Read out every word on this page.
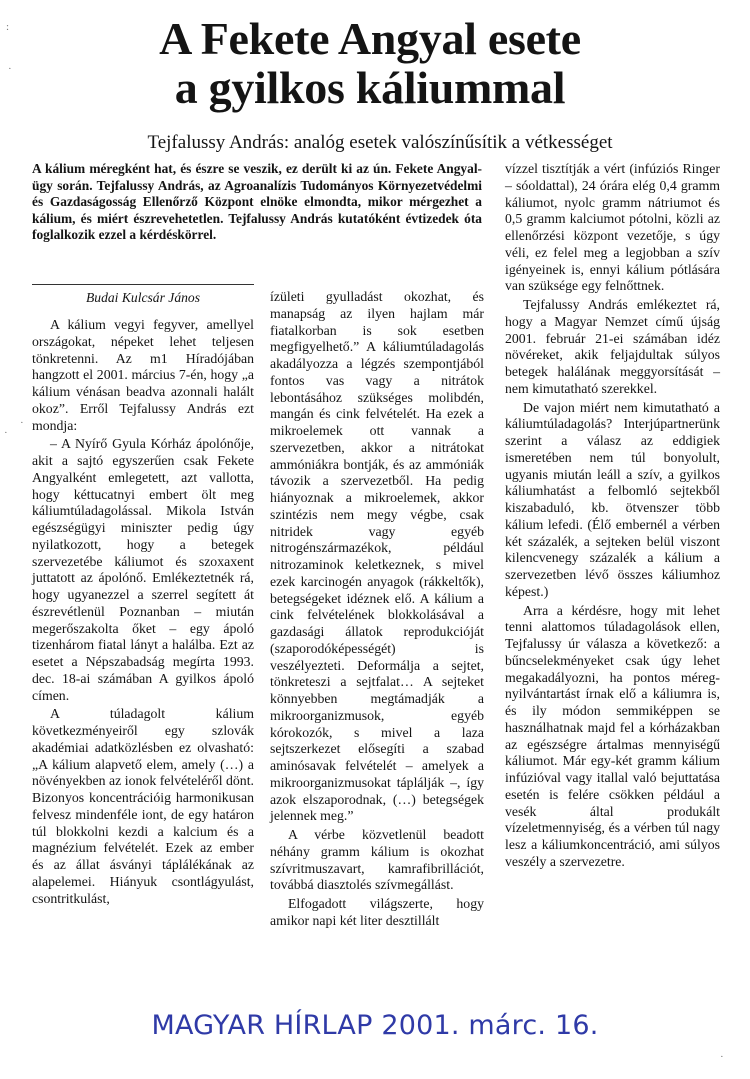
:
·
·
·
·
A Fekete Angyal esete
a gyilkos káliummal
Tejfalussy András: analóg esetek valószínűsítik a vétkességet
A kálium méregként hat, és észre se veszik, ez derült ki az ún. Fekete Angyal-ügy során. Tejfalussy András, az Agroanalízis Tudományos Környezetvédelmi és Gazdaságosság Ellenőrző Központ elnöke elmondta, mikor mérgezhet a kálium, és miért észrevehetetlen. Tejfalussy András kutatóként évtizedek óta foglalkozik ezzel a kérdéskörrel.
Budai Kulcsár János

A kálium vegyi fegyver, amellyel országokat, népeket lehet teljesen tönkretenni. Az m1 Híradójában hangzott el 2001. március 7-én, hogy „a kálium vénásan beadva azonnali halált okoz”. Erről Tejfalussy András ezt mondja:

– A Nyírő Gyula Kórház ápolónője, akit a sajtó egyszerűen csak Fekete Angyalként emlegetett, azt vallotta, hogy kéttucatnyi embert ölt meg káliumtúladagolással. Mikola István egészségügyi miniszter pedig úgy nyilatkozott, hogy a betegek szervezetébe káliumot és szoxaxent juttatott az ápolónő. Emlékeztetnék rá, hogy ugyanezzel a szerrel segített át észrevétlenül Poznanban – miután megerőszakolta őket – egy ápoló tizenhárom fiatal lányt a halálba. Ezt az esetet a Népszabadság megírta 1993. dec. 18-ai számában A gyilkos ápoló címen.

A túladagolt kálium következményeiről egy szlovák akadémiai adatközlésben ez olvasható: „A kálium alapvető elem, amely (…) a növényekben az ionok felvételéről dönt. Bizonyos koncentrációig harmonikusan felvesz mindenféle iont, de egy határon túl blokkolni kezdi a kalcium és a magnézium felvételét. Ezek az ember és az állat ásványi táplálékának az alapelemei. Hiányuk csontlágyulást, csontritkulást,

ízületi gyulladást okozhat, és manapság az ilyen hajlam már fiatalkorban is sok esetben megfigyelhető.” A káliumtúladagolás akadályozza a légzés szempontjából fontos vas vagy a nitrátok lebontásához szükséges molibdén, mangán és cink felvételét. Ha ezek a mikroelemek ott vannak a szervezetben, akkor a nitrátokat ammóniákra bontják, és az ammóniák távozik a szervezetből. Ha pedig hiányoznak a mikroelemek, akkor szintézis nem megy végbe, csak nitridek vagy egyéb nitrogénszármazékok, például nitrozaminok keletkeznek, s mivel ezek karcinogén anyagok (rákkeltők), betegségeket idéznek elő. A kálium a cink felvételének blokkolásával a gazdasági állatok reprodukcióját (szaporodóképességét) is veszélyezteti. Deformálja a sejtet, tönkreteszi a sejtfalat… A sejteket könnyebben megtámadják a mikroorganizmusok, egyéb kórokozók, s mivel a laza sejtszerkezet elősegíti a szabad aminósavak felvételét – amelyek a mikroorganizmusokat táplálják –, így azok elszaporodnak, (…) betegségek jelennek meg.”

A vérbe közvetlenül beadott néhány gramm kálium is okozhat szívritmuszavart, kamrafibrillációt, továbbá diasztolés szívmegállást.

Elfogadott világszerte, hogy amikor napi két liter desztillált

vízzel tisztítják a vért (infúziós Ringer – sóoldattal), 24 órára elég 0,4 gramm káliumot, nyolc gramm nátriumot és 0,5 gramm kalciumot pótolni, közli az ellenőrzési központ vezetője, s úgy véli, ez felel meg a legjobban a szív igényeinek is, ennyi kálium pótlására van szüksége egy felnőttnek.

Tejfalussy András emlékeztet rá, hogy a Magyar Nemzet című újság 2001. február 21-ei számában idéz növéreket, akik feljajdultak súlyos betegek halálának meggyorsítását – nem kimutatható szerekkel.

De vajon miért nem kimutatható a káliumtúladagolás? Interjúpartnerünk szerint a válasz az eddigiek ismeretében nem túl bonyolult, ugyanis miután leáll a szív, a gyilkos káliumhatást a felbomló sejtekből kiszabaduló, kb. ötvenszer több kálium lefedi. (Élő embernél a vérben két százalék, a sejteken belül viszont kilencvenegy százalék a kálium a szervezetben lévő összes káliumhoz képest.)

Arra a kérdésre, hogy mit lehet tenni alattomos túladagolások ellen, Tejfalussy úr válasza a következő: a bűncselekményeket csak úgy lehet megakadályozni, ha pontos méreg-nyilvántartást írnak elő a káliumra is, és ily módon semmiképpen se használhatnak majd fel a kórházakban az egészségre ártalmas mennyiségű káliumot. Már egy-két gramm kálium infúzióval vagy itallal való bejuttatása esetén is felére csökken például a vesék által produkált vízeletmennyiség, és a vérben túl nagy lesz a káliumkoncentráció, ami súlyos veszély a szervezetre.

MAGYAR HÍRLAP 2001. márc. 16.
